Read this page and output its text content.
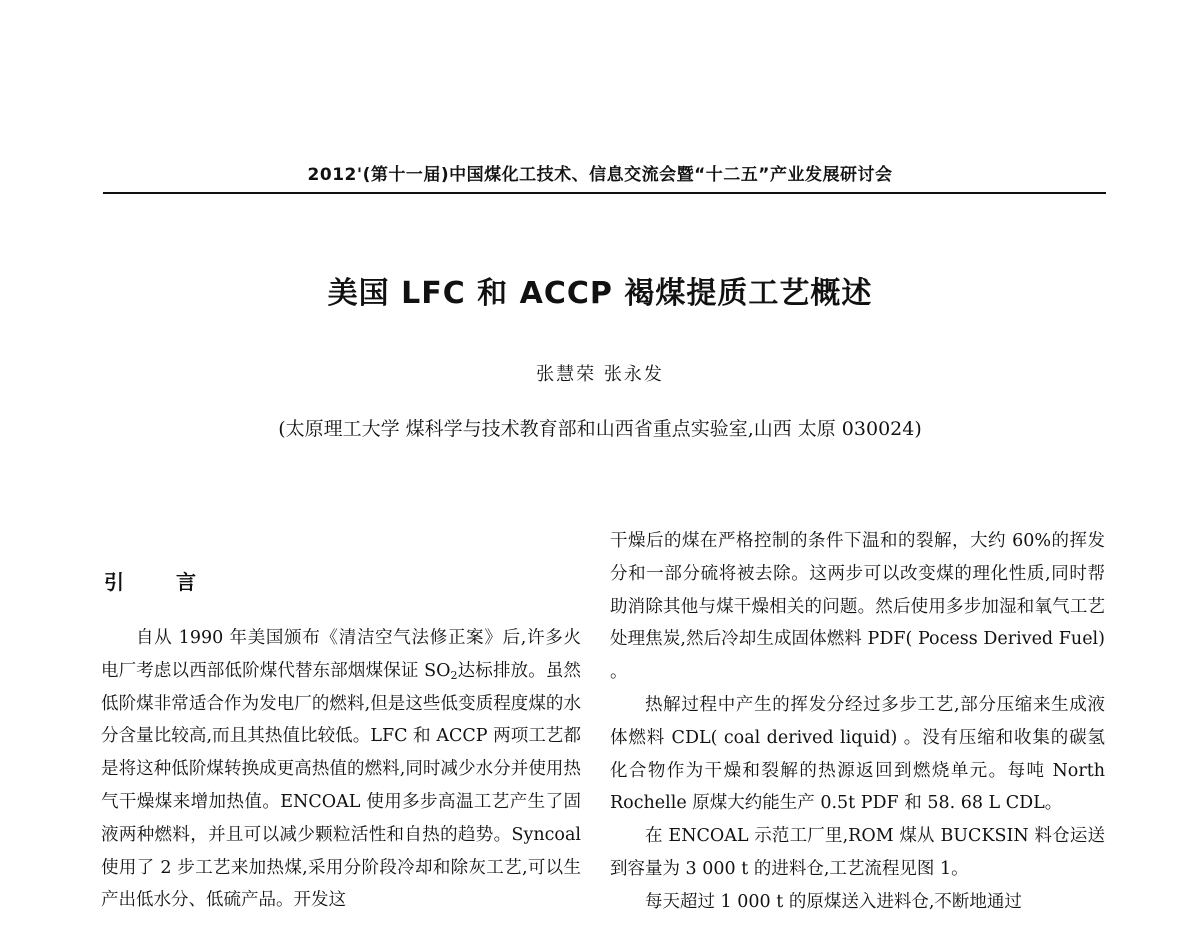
2012'(第十一届)中国煤化工技术、信息交流会暨“十二五”产业发展研讨会
美国 LFC 和 ACCP 褐煤提质工艺概述
张慧荣 张永发
(太原理工大学 煤科学与技术教育部和山西省重点实验室,山西 太原 030024)
引言

自从 1990 年美国颁布《清洁空气法修正案》后,许多火电厂考虑以西部低阶煤代替东部烟煤保证 $SO_2$达标排放。虽然低阶煤非常适合作为发电厂的燃料,但是这些低变质程度煤的水分含量比较高,而且其热值比较低。LFC 和 ACCP 两项工艺都是将这种低阶煤转换成更高热值的燃料,同时减少水分并使用热气干燥煤来增加热值。ENCOAL 使用多步高温工艺产生了固液两种燃料，并且可以减少颗粒活性和自热的趋势。Syncoal 使用了 2 步工艺来加热煤,采用分阶段冷却和除灰工艺,可以生产出低水分、低硫产品。开发这

干燥后的煤在严格控制的条件下温和的裂解，大约 60%的挥发分和一部分硫将被去除。这两步可以改变煤的理化性质,同时帮助消除其他与煤干燥相关的问题。然后使用多步加湿和氧气工艺处理焦炭,然后冷却生成固体燃料 PDF( Pocess Derived Fuel) 。

热解过程中产生的挥发分经过多步工艺,部分压缩来生成液体燃料 CDL( coal derived liquid) 。没有压缩和收集的碳氢化合物作为干燥和裂解的热源返回到燃烧单元。每吨 North Rochelle 原煤大约能生产 0.5t PDF 和 58. 68 L CDL。

在 ENCOAL 示范工厂里,ROM 煤从 BUCKSIN 料仓运送到容量为 3 000 t 的进料仓,工艺流程见图 1。

每天超过 1 000 t 的原煤送入进料仓,不断地通过
